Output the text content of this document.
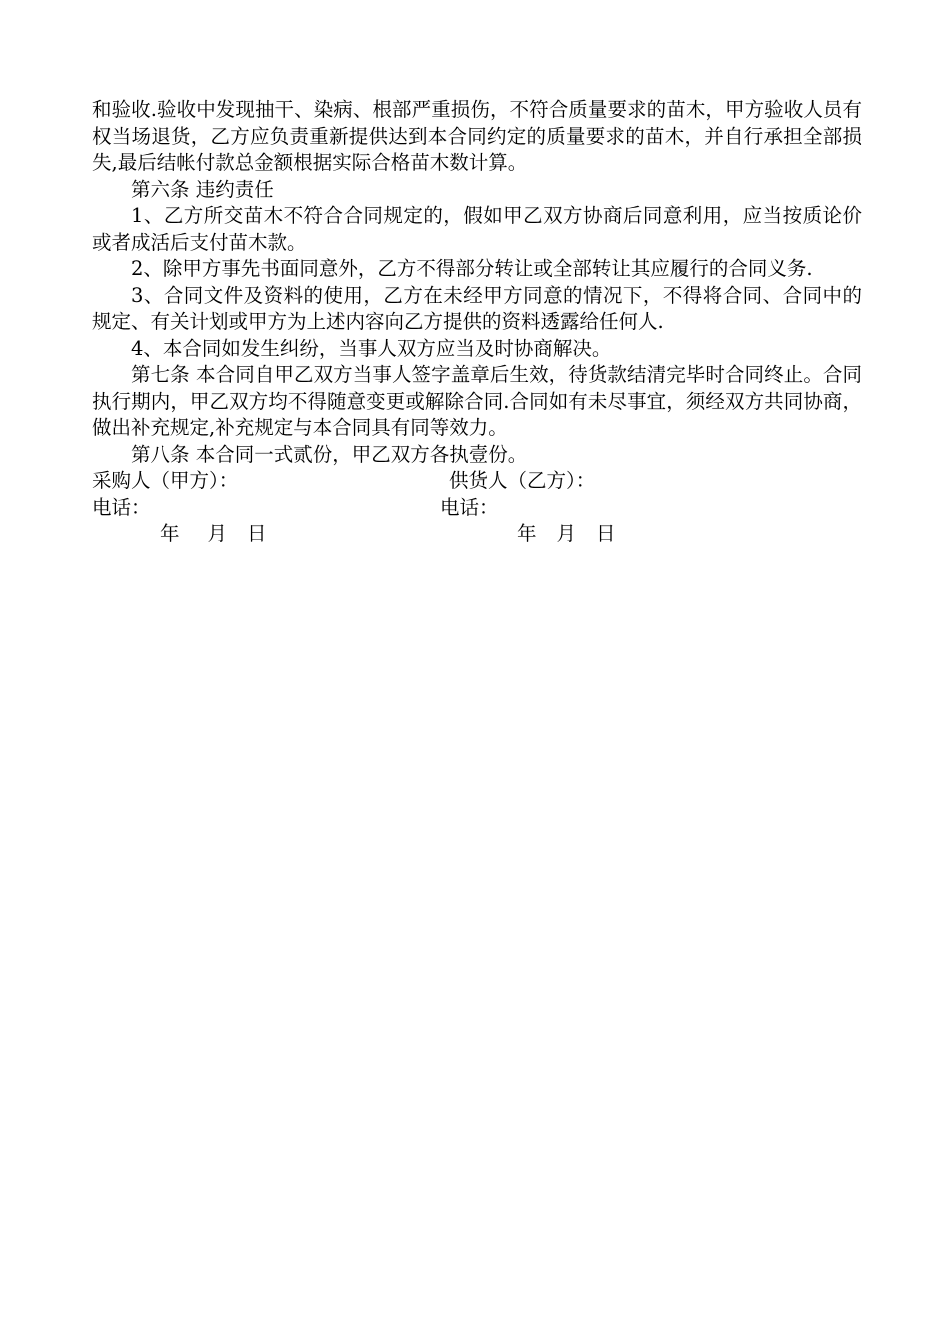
和验收.验收中发现抽干、染病、根部严重损伤，不符合质量要求的苗木，甲方验收人员有权当场退货，乙方应负责重新提供达到本合同约定的质量要求的苗木，并自行承担全部损失,最后结帐付款总金额根据实际合格苗木数计算。

第六条 违约责任

1、乙方所交苗木不符合合同规定的，假如甲乙双方协商后同意利用，应当按质论价或者成活后支付苗木款。

2、除甲方事先书面同意外，乙方不得部分转让或全部转让其应履行的合同义务.

3、合同文件及资料的使用，乙方在未经甲方同意的情况下，不得将合同、合同中的规定、有关计划或甲方为上述内容向乙方提供的资料透露给任何人.

4、本合同如发生纠纷，当事人双方应当及时协商解决。

第七条 本合同自甲乙双方当事人签字盖章后生效，待货款结清完毕时合同终止。合同执行期内，甲乙双方均不得随意变更或解除合同.合同如有未尽事宜，须经双方共同协商，做出补充规定,补充规定与本合同具有同等效力。

第八条 本合同一式贰份，甲乙双方各执壹份。

采购人（甲方）：	供货人（乙方）：
电话：	电话：
年 月 日	年 月 日
